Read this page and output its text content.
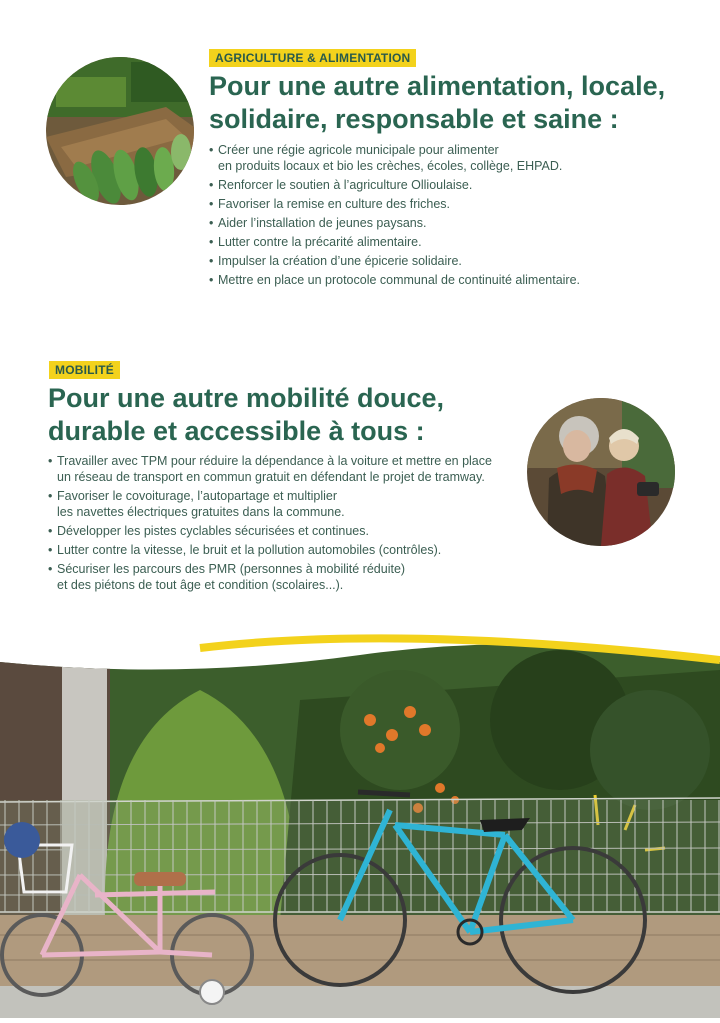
AGRICULTURE & ALIMENTATION
Pour une autre alimentation, locale,
solidaire, responsable et saine :
• Créer une régie agricole municipale pour alimenter
en produits locaux et bio les crèches, écoles, collège, EHPAD.
• Renforcer le soutien à l’agriculture Ollioulaise.
• Favoriser la remise en culture des friches.
• Aider l’installation de jeunes paysans.
• Lutter contre la précarité alimentaire.
• Impulser la création d’une épicerie solidaire.
• Mettre en place un protocole communal de continuité alimentaire.
MOBILITÉ
Pour une autre mobilité douce,
durable et accessible à tous :
• Travailler avec TPM pour réduire la dépendance à la voiture et mettre en place
un réseau de transport en commun gratuit en défendant le projet de tramway.
• Favoriser le covoiturage, l’autopartage et multiplier
les navettes électriques gratuites dans la commune.
• Développer les pistes cyclables sécurisées et continues.
• Lutter contre la vitesse, le bruit et la pollution automobiles (contrôles).
• Sécuriser les parcours des PMR (personnes à mobilité réduite)
et des piétons de tout âge et condition (scolaires...).
